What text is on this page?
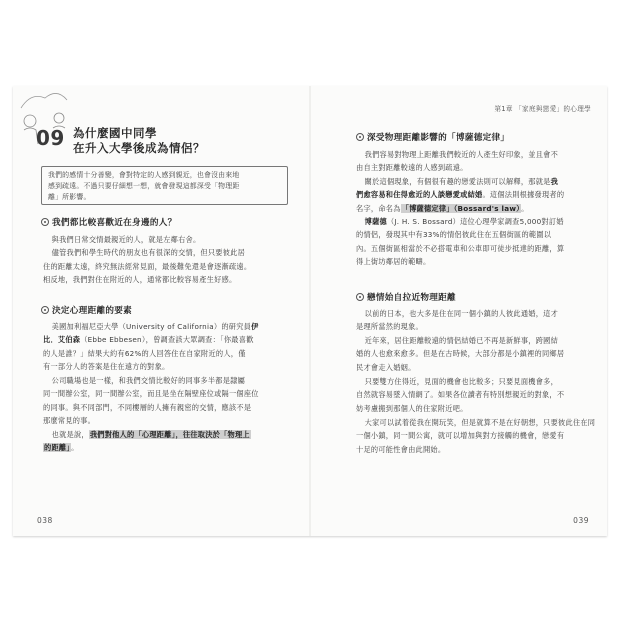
09 為什麼國中同學
在升入大學後成為情侶？
我們的感情十分善變，會對特定的人感到親近，也會沒由來地
感到疏遠。不過只要仔細想一想，就會發現這都深受「物理距
離」所影響。
我們都比較喜歡近在身邊的人？

與我們日常交情最親近的人，就是左鄰右舍。

儘管我們和學生時代的朋友也有很深的交情，但只要彼此居

住的距離太遠，終究無法經常見面，最後難免還是會逐漸疏遠。
相反地，我們對住在附近的人，通常都比較容易產生好感。
決定心理距離的要素

美國加利福尼亞大學（University of California）的研究員伊

比．艾伯森（Ebbe Ebbesen），曾調查該大眾調查：「你最喜歡
的人是誰？」結果大約有62%的人回答住在自家附近的人，僅
有一部分人的答案是住在遠方的對象。

公司職場也是一樣，和我們交情比較好的同事多半都是隸屬

同一間辦公室，同一間辦公室，而且是坐在隔壁座位或隔一個座位
的同事。與不同部門，不同樓層的人擁有親密的交情，應該不是
那麼常見的事。

也就是說，我們對他人的「心理距離」，往往取決於「物理上

的距離」。
038
第1章 「家庭與戀愛」的心理學
深受物理距離影響的「博薩德定律」

我們容易對物理上距離我們較近的人產生好印象，並且會不

由自主對距離較遠的人感到疏遠。

關於這個現象，有個很有趣的戀愛法則可以解釋，那就是我

們愈容易和住得愈近的人談戀愛或結婚。這個法則根據發現者的
名字，命名為「博薩德定律」（Bossard's law）。

博薩德（J. H. S. Bossard）這位心理學家調查5,000對訂婚

的情侶，發現其中有33%的情侶彼此住在五個街區的範圍以
內。五個街區相當於不必搭電車和公車即可徒步抵達的距離，算
得上街坊鄰居的範疇。
戀情始自拉近物理距離

以前的日本，也大多是住在同一個小鎮的人彼此通婚，這才

是理所當然的現象。

近年來，居住距離較遠的情侶結婚已不再是新鮮事，跨國結

婚的人也愈來愈多。但是在古時候，大部分都是小鎮裡的同鄉居
民才會走入婚姻。

只要雙方住得近，見面的機會也比較多；只要見面機會多，

自然就容易墜入情網了。如果各位讀者有特別想親近的對象，不
妨考慮搬到那個人的住家附近吧。

大家可以試着從我在開玩笑，但是就算不是在好朝想，只要彼此住在同

一個小鎮，同一間公寓，就可以增加與對方接觸的機會，戀愛有
十足的可能性會由此開始。
039
